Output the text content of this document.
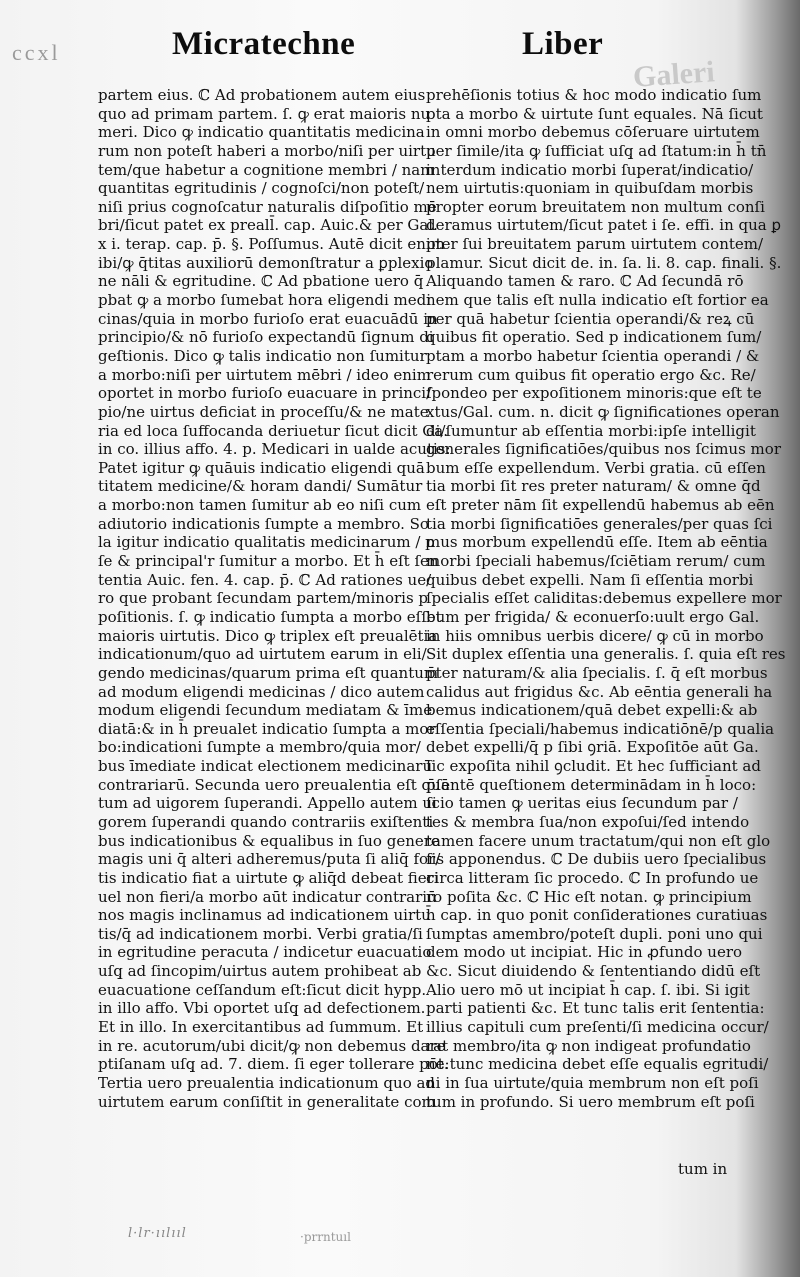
ccxl
Galeri
Micratechne	Liber
partem eius. ℂ Ad probationem autem eius
quo ad primam partem. ſ. ꝙ erat maioris nu
meri. Dico ꝙ indicatio quantitatis medicina
rum non poteſt haberi a morbo/niſi per uirtu
tem/que habetur a cognitione membri / nam
quantitas egritudinis / cognoſci/non poteſt/
niſi prius cognoſcatur naturalis diſpoſitio mē
bri/ſicut patet ex preall̄. cap. Auic.& per Gal.
x i. terap. cap. p̄. §. Poſſumus. Autē dicit enim
ibi/ꝙ q̄titas auxiliorū demonſtratur a ꝑplexio
ne nāli & egritudine. ℂ Ad pbatione uero q̄
pbat ꝙ a morbo ſumebat hora eligendi medi
cinas/quia in morbo furioſo erat euacuādū in
principio/& nō furioſo expectandū ſignum di
geſtionis. Dico ꝙ talis indicatio non ſumitur
a morbo:niſi per uirtutem mēbri / ideo enim
oportet in morbo furioſo euacuare in princi/
pio/ne uirtus deficiat in proceſſu/& ne mate
ria ed loca ſuffocanda deriuetur ſicut dicit Ga.
in co. illius affo. 4. p. Medicari in ualde acutis:
Patet igitur ꝙ quāuis indicatio eligendi quā
titatem medicine/& horam dandi/ Sumātur
a morbo:non tamen ſumitur ab eo niſi cum
adiutorio indicationis ſumpte a membro. So
la igitur indicatio qualitatis medicinarum / p
ſe & principal'r ſumitur a morbo. Et h̄ eſt ſen
tentia Auic. fen. 4. cap. p̄. ℂ Ad rationes ue/
ro que probant ſecundam partem/minoris p
poſitionis. ſ. ꝙ indicatio ſumpta a morbo eſſet
maioris uirtutis. Dico ꝙ triplex eſt preualētia
indicationum/quo ad uirtutem earum in eli/
gendo medicinas/quarum prima eſt quantum
ad modum eligendi medicinas / dico autem
modum eligendi ſecundum mediatam & īme
diatā:& in h̄ preualet indicatio ſumpta a mor
bo:indicationi ſumpte a membro/quia mor/
bus īmediate indicat electionem medicinarū
contrariarū. Secunda uero preualentia eſt quā
tum ad uigorem ſuperandi. Appello autem ui
gorem ſuperandi quando contrariis exiſtenti
bus indicationibus & equalibus in ſuo genere
magis uni q̄ alteri adheremus/puta ſi aliq̄ for/
tis indicatio fiat a uirtute ꝙ aliq̄d debeat fieri
uel non fieri/a morbo aūt indicatur contrariū
nos magis inclinamus ad indicationem uirtu
tis/q̄ ad indicationem morbi. Verbi gratia/ſi
in egritudine peracuta / indicetur euacuatio
uſq̧ ad ſincopim/uirtus autem prohibeat ab
euacuatione ceſſandum eſt:ſicut dicit hypp.
in illo affo. Vbi oportet uſq̧ ad defectionem.
Et in illo. In exercitantibus ad ſummum. Et
in re. acutorum/ubi dicit/ꝙ non debemus dare
ptiſanam uſq̧ ad. 7. diem. ſi eger tollerare pōt.
Tertia uero preualentia indicationum quo ad
uirtutem earum conſiſtit in generalitate com
prehēſionis totius & hoc modo indicatio ſum
pta a morbo & uirtute ſunt equales. Nā ſicut
in omni morbo debemus cōſeruare uirtutem
per ſimile/ita ꝙ ſufficiat uſq̧ ad ſtatum:in h̄ tn̄
interdum indicatio morbi ſuperat/indicatio/
nem uirtutis:quoniam in quibuſdam morbis
propter eorum breuitatem non multum conſi
deramus uirtutem/ſicut patet i ſe. effi. in qua ꝑ
pter ſui breuitatem parum uirtutem contem/
plamur. Sicut dicit de. in. ſa. li. 8. cap. finali. §.
Aliquando tamen & raro. ℂ Ad ſecundā rō
nem que talis eſt nulla indicatio eſt fortior ea
per quā habetur ſcientia operandi/& reꝝ cū
quibus fit operatio. Sed p indicationem ſum/
ptam a morbo habetur ſcientia operandi / &
rerum cum quibus fit operatio ergo &c. Re/
ſpondeo per expoſitionem minoris:que eſt te
xtus/Gal. cum. n. dicit ꝙ ſignificationes operan
di/ſumuntur ab eſſentia morbi:ipſe intelligit
generales ſignificatiōes/quibus nos ſcimus mor
bum eſſe expellendum. Verbi gratia. cū eſſen
tia morbi ſit res preter naturam/ & omne q̄d
eſt preter nām ſit expellendū habemus ab eēn
tia morbi ſignificatiōes generales/per quas ſci
mus morbum expellendū eſſe. Item ab eēntia
morbi ſpeciali habemus/ſciētiam rerum/ cum
quibus debet expelli. Nam ſi eſſentia morbi
ſpecialis eſſet caliditas:debemus expellere mor
bum per frigida/ & econuerſo:uult ergo Gal.
in hiis omnibus uerbis dicere/ ꝙ cū in morbo
Sit duplex eſſentia una generalis. ſ. quia eſt res
p̄ter naturam/& alia ſpecialis. ſ. q̄ eſt morbus
calidus aut frigidus &c. Ab eēntia generali ha
bemus indicationem/quā debet expelli:& ab
eſſentia ſpeciali/habemus indicatiōnē/p qualia
debet expelli/q̄ p ſibi ꝯriā. Expoſitōe aūt Ga.
ſic expoſita nihil ꝯcludit. Et hec ſufficiant ad
p̄ſentē queſtionem determinādam in h̄ loco:
ſcio tamen ꝙ ueritas eius ſecundum par /
tes & membra ſua/non expoſui/ſed intendo
tamen facere unum tractatum/qui non eſt glo
ſis apponendus. ℂ De dubiis uero ſpecialibus
circa litteram ſic procedo. ℂ In profundo ue
ro poſita &c. ℂ Hic eſt notan. ꝙ principium
h̄ cap. in quo ponit conſiderationes curatiuas
ſumptas amembro/poteſt dupli. poni uno qui
dem modo ut incipiat. Hic in ꝓfundo uero
&c. Sicut diuidendo & ſententiando didū eſt
Alio uero mō ut incipiat h̄ cap. ſ. ibi. Si igit
parti patienti &c. Et tunc talis erit ſententia:
illius capituli cum preſenti/ſi medicina occur/
rat membro/ita ꝙ non indigeat profundatio
ne:tunc medicina debet eſſe equalis egritudi/
ni in ſua uirtute/quia membrum non eſt poſi
tum in profundo. Si uero membrum eſt poſi
tum in
l·lr·ıılııl	·prrntuıl
